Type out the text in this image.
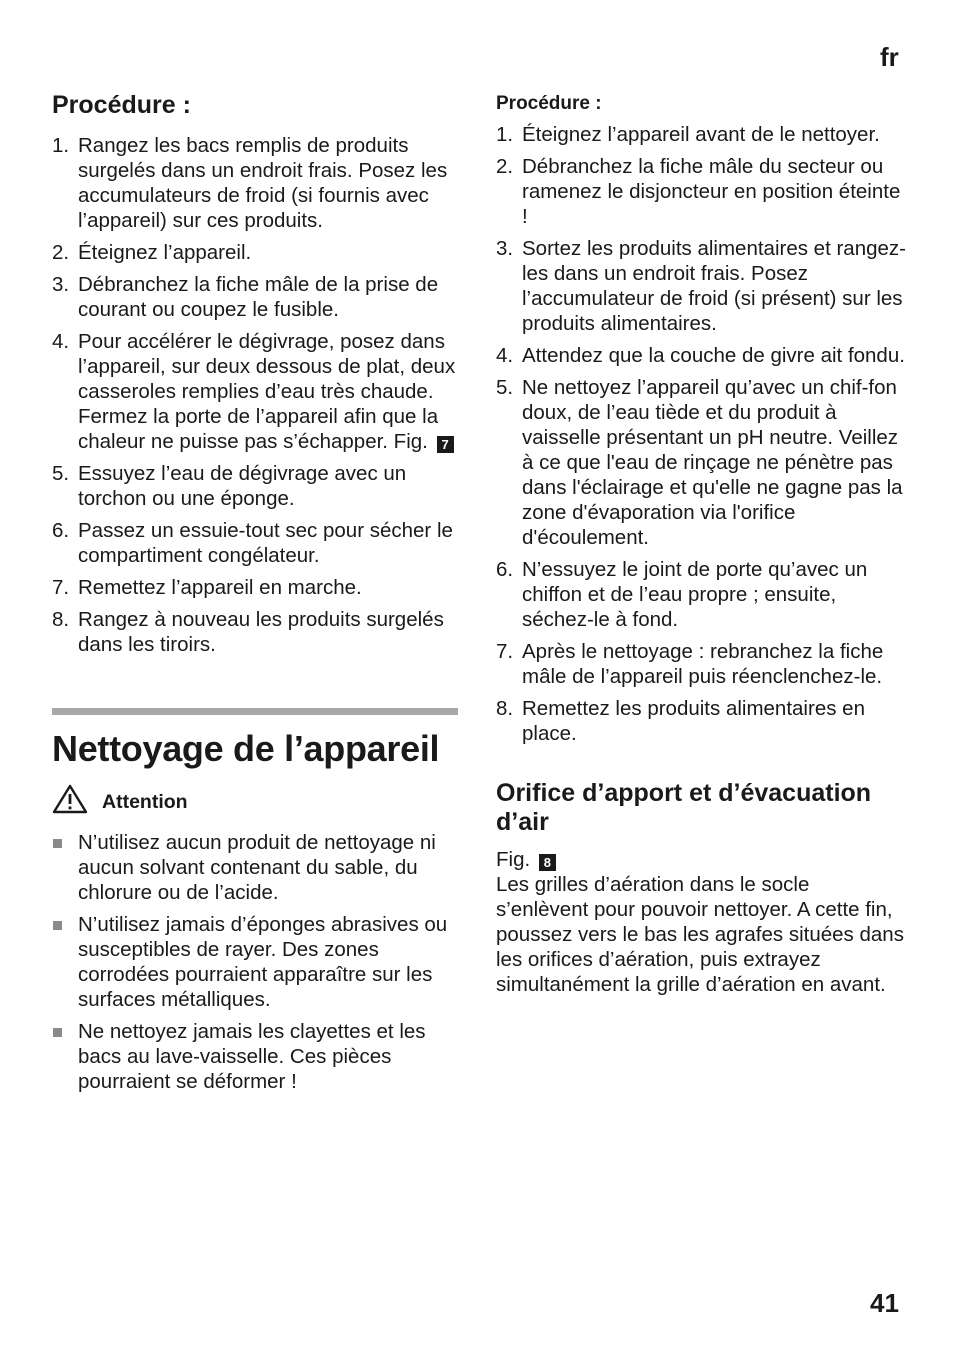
fr
Procédure :
1. Rangez les bacs remplis de produits surgelés dans un endroit frais. Posez les accumulateurs de froid (si fournis avec l’appareil) sur ces produits.
2. Éteignez l’appareil.
3. Débranchez la fiche mâle de la prise de courant ou coupez le fusible.
4. Pour accélérer le dégivrage, posez dans l’appareil, sur deux dessous de plat, deux casseroles remplies d’eau très chaude. Fermez la porte de l’appareil afin que la chaleur ne puisse pas s’échapper. Fig. 7
5. Essuyez l’eau de dégivrage avec un torchon ou une éponge.
6. Passez un essuie-tout sec pour sécher le compartiment congélateur.
7. Remettez l’appareil en marche.
8. Rangez à nouveau les produits surgelés dans les tiroirs.
Nettoyage de l’appareil
Attention
N’utilisez aucun produit de nettoyage ni aucun solvant contenant du sable, du chlorure ou de l’acide.
N’utilisez jamais d’éponges abrasives ou susceptibles de rayer. Des zones corrodées pourraient apparaître sur les surfaces métalliques.
Ne nettoyez jamais les clayettes et les bacs au lave-vaisselle. Ces pièces pourraient se déformer !
Procédure :
1. Éteignez l’appareil avant de le nettoyer.
2. Débranchez la fiche mâle du secteur ou ramenez le disjoncteur en position éteinte !
3. Sortez les produits alimentaires et rangez-les dans un endroit frais. Posez l’accumulateur de froid (si présent) sur les produits alimentaires.
4. Attendez que la couche de givre ait fondu.
5. Ne nettoyez l’appareil qu’avec un chif-fon doux, de l’eau tiède et du produit à vaisselle présentant un pH neutre. Veillez à ce que l'eau de rinçage ne pénètre pas dans l'éclairage et qu'elle ne gagne pas la zone d'évaporation via l'orifice d'écoulement.
6. N’essuyez le joint de porte qu’avec un chiffon et de l’eau propre ; ensuite, séchez-le à fond.
7. Après le nettoyage : rebranchez la fiche mâle de l’appareil puis réenclenchez-le.
8. Remettez les produits alimentaires en place.
Orifice d’apport et d’évacuation d’air

Fig. 8

Les grilles d’aération dans le socle s’enlèvent pour pouvoir nettoyer. A cette fin, poussez vers le bas les agrafes situées dans les orifices d’aération, puis extrayez simultanément la grille d’aération en avant.

41
